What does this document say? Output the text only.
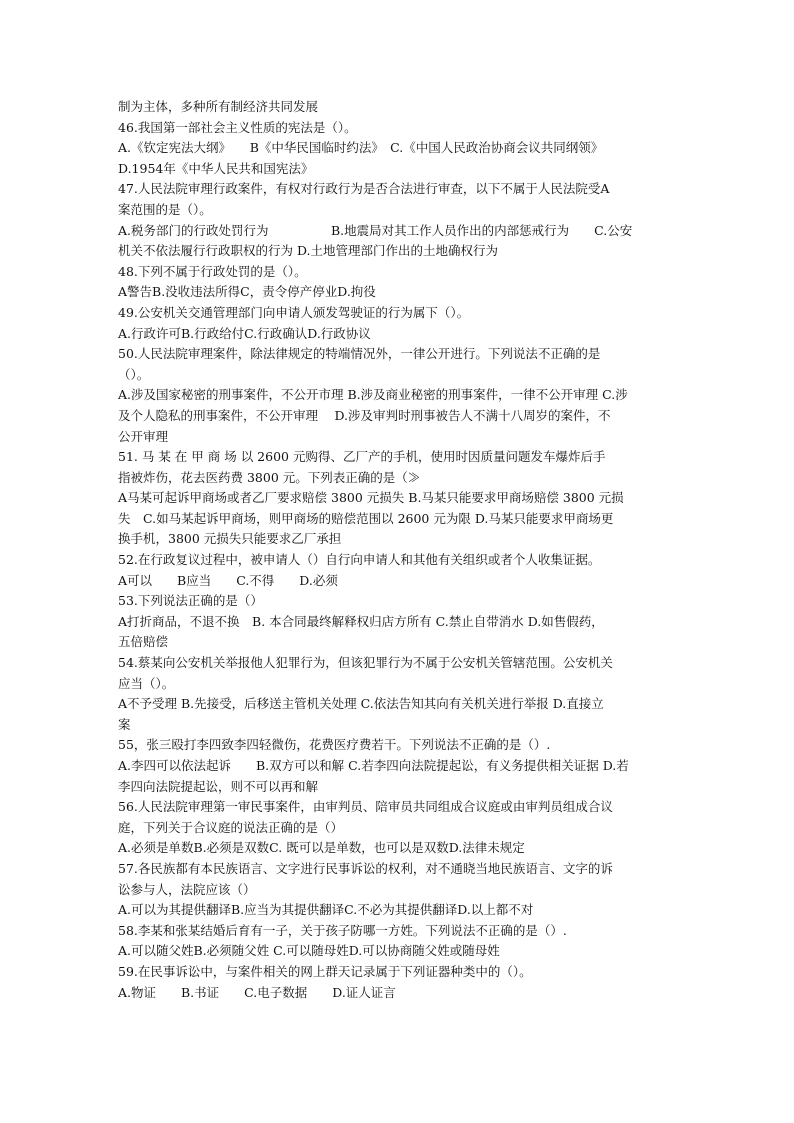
制为主体，多种所有制经济共同发展
46.我国第一部社会主义性质的宪法是（）。
A.《钦定宪法大纲》　　B《中华民国临时约法》　C.《中国人民政治协商会议共同纲领》
D.1954年《中华人民共和国宪法》
47.人民法院审理行政案件，有权对行政行为是否合法进行审查，以下不属于人民法院受A
案范围的是（）。
A.税务部门的行政处罚行为　　　　　B.地震局对其工作人员作出的内部惩戒行为　　C.公安
机关不依法履行行政职权的行为 D.土地管理部门作出的土地确权行为
48.下列不属于行政处罚的是（）。
A警告B.没收违法所得C，责令停产停业D.拘役
49.公安机关交通管理部门向申请人颁发驾驶证的行为属下（）。
A.行政许可B.行政给付C.行政确认D.行政协议
50.人民法院审理案件，除法律规定的特端情况外，一律公开进行。下列说法不正确的是
（）。
A.涉及国家秘密的刑事案件，不公开市理 B.涉及商业秘密的刑事案件，一律不公开审理 C.涉
及个人隐私的刑事案件，不公开审理　 D.涉及审判时刑事被告人不满十八周岁的案件，不
公开审理
51. 马 某 在 甲 商 场 以 2600 元购得、乙厂产的手机，使用时因质量问题发车爆炸后手
指被炸伤，花去医药费 3800 元。下列表正确的是（≫
A马某可起诉甲商场或者乙厂要求赔偿 3800 元损失 B.马某只能要求甲商场赔偿 3800 元损
失　C.如马某起诉甲商场，则甲商场的赔偿范围以 2600 元为限 D.马某只能要求甲商场更
换手机，3800 元损失只能要求乙厂承担
52.在行政复议过程中，被申请人（）自行向申请人和其他有关组织或者个人收集证据。
A可以　　B应当　　C.不得　　D.必须
53.下列说法正确的是（）
A打折商品，不退不换　B. 本合同最终解释权归店方所有 C.禁止自带消水 D.如售假药，
五倍赔偿
54.蔡某向公安机关举报他人犯罪行为，但该犯罪行为不属于公安机关管辖范围。公安机关
应当（）。
A不予受理 B.先接受，后移送主管机关处理 C.依法告知其向有关机关进行举报 D.直接立
案
55，张三殴打李四致李四轻微伤，花费医疗费若干。下列说法不正确的是（）.
A.李四可以依法起诉　　B.双方可以和解 C.若李四向法院提起讼，有义务提供相关证据 D.若
李四向法院提起讼，则不可以再和解
56.人民法院审理第一审民事案件，由审判员、陪审员共同组成合议庭或由审判员组成合议
庭，下列关于合议庭的说法正确的是（）
A.必须是单数B.必须是双数C. 既可以是单数，也可以是双数D.法律未规定
57.各民族都有本民族语言、文字进行民事诉讼的权利，对不通晓当地民族语言、文字的诉
讼参与人，法院应该（）
A.可以为其提供翻译B.应当为其提供翻译C.不必为其提供翻译D.以上都不对
58.李某和张某结婚后育有一子，关于孩子防哪一方姓。下列说法不正确的是（）.
A.可以随父姓B.必须随父姓 C.可以随母姓D.可以协商随父姓或随母姓
59.在民事诉讼中，与案件相关的网上群天记录属于下列证器种类中的（）。
A.物证　　B.书证　　C.电子数据　　D.证人证言
